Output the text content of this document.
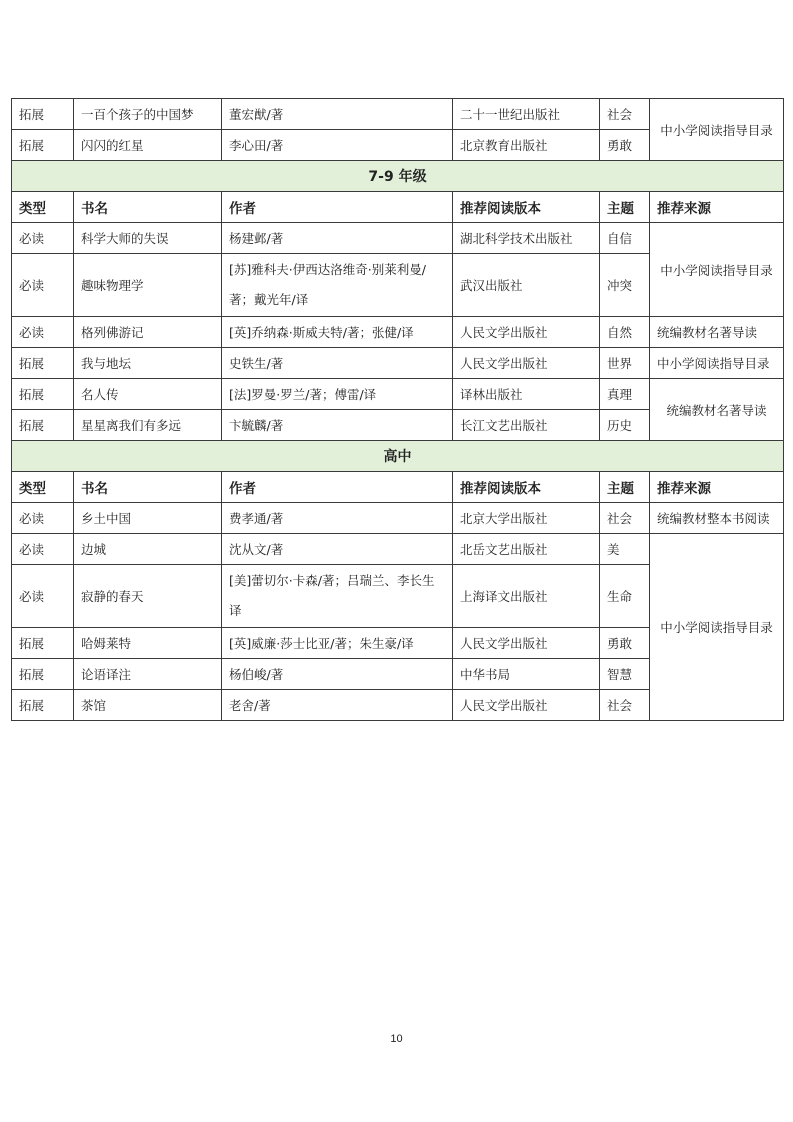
拓展	一百个孩子的中国梦	董宏猷/著	二十一世纪出版社	社会	中小学阅读指导目录
拓展	闪闪的红星	李心田/著	北京教育出版社	勇敢	
7-9 年级					
类型	书名	作者	推荐阅读版本	主题	推荐来源
必读	科学大师的失误	杨建邺/著	湖北科学技术出版社	自信	中小学阅读指导目录
必读	趣味物理学	[苏]雅科夫·伊西达洛维奇·别莱利曼/著；戴光年/译	武汉出版社	冲突	
必读	格列佛游记	[英]乔纳森·斯威夫特/著；张健/译	人民文学出版社	自然	统编教材名著导读
拓展	我与地坛	史铁生/著	人民文学出版社	世界	中小学阅读指导目录
拓展	名人传	[法]罗曼·罗兰/著；傅雷/译	译林出版社	真理	统编教材名著导读
拓展	星星离我们有多远	卞毓麟/著	长江文艺出版社	历史	
高中					
类型	书名	作者	推荐阅读版本	主题	推荐来源
必读	乡土中国	费孝通/著	北京大学出版社	社会	统编教材整本书阅读
必读	边城	沈从文/著	北岳文艺出版社	美	中小学阅读指导目录
必读	寂静的春天	[美]蕾切尔·卡森/著；吕瑞兰、李长生译	上海译文出版社	生命	
拓展	哈姆莱特	[英]威廉·莎士比亚/著；朱生豪/译	人民文学出版社	勇敢	
拓展	论语译注	杨伯峻/著	中华书局	智慧	
拓展	茶馆	老舍/著	人民文学出版社	社会	
10
